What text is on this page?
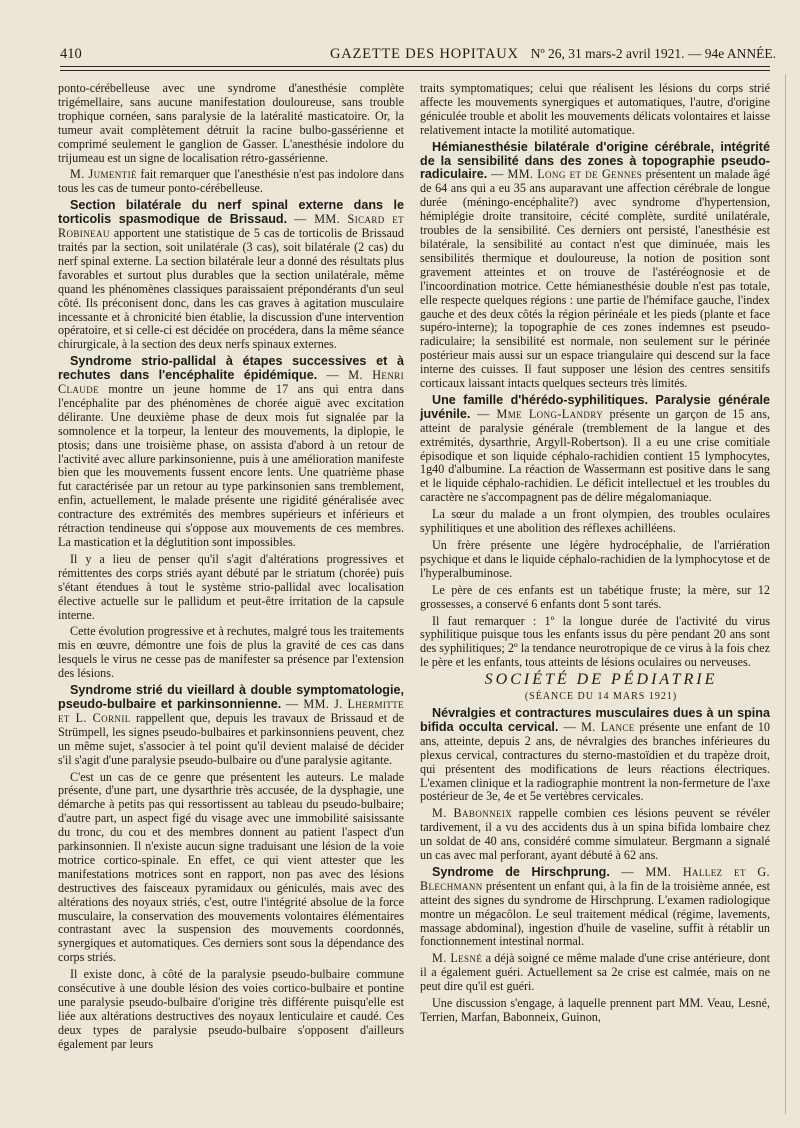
410	GAZETTE DES HOPITAUX Nº 26, 31 mars-2 avril 1921. — 94e ANNÉE.

ponto-cérébelleuse avec une syndrome d'anesthésie complète trigémellaire, sans aucune manifestation douloureuse, sans trouble trophique cornéen, sans paralysie de la latéralité masticatoire. Or, la tumeur avait complètement détruit la racine bulbo-gassérienne et comprimé seulement le ganglion de Gasser. L'anesthésie indolore du trijumeau est un signe de localisation rétro-gassérienne.

M. Jumentié fait remarquer que l'anesthésie n'est pas indolore dans tous les cas de tumeur ponto-cérébelleuse.

Section bilatérale du nerf spinal externe dans le torticolis spasmodique de Brissaud. — MM. Sicard et Robineau apportent une statistique de 5 cas de torticolis de Brissaud traités par la section, soit unilatérale (3 cas), soit bilatérale (2 cas) du nerf spinal externe. La section bilatérale leur a donné des résultats plus favorables et surtout plus durables que la section unilatérale, même quand les phénomènes classiques paraissaient prépondérants d'un seul côté. Ils préconisent donc, dans les cas graves à agitation musculaire incessante et à chronicité bien établie, la discussion d'une intervention opératoire, et si celle-ci est décidée on procédera, dans la même séance chirurgicale, à la section des deux nerfs spinaux externes.

Syndrome strio-pallidal à étapes successives et à rechutes dans l'encéphalite épidémique. — M. Henri Claude montre un jeune homme de 17 ans qui entra dans l'encéphalite par des phénomènes de chorée aiguë avec excitation délirante. Une deuxième phase de deux mois fut signalée par la somnolence et la torpeur, la lenteur des mouvements, la diplopie, le ptosis; dans une troisième phase, on assista d'abord à un retour de l'activité avec allure parkinsonienne, puis à une amélioration manifeste bien que les mouvements fussent encore lents. Une quatrième phase fut caractérisée par un retour au type parkinsonien sans tremblement, enfin, actuellement, le malade présente une rigidité généralisée avec contracture des extrémités des membres supérieurs et inférieurs et rétraction tendineuse qui s'oppose aux mouvements de ces membres. La mastication et la déglutition sont impossibles.

Il y a lieu de penser qu'il s'agit d'altérations progressives et rémittentes des corps striés ayant débuté par le striatum (chorée) puis s'étant étendues à tout le système strio-pallidal avec localisation élective actuelle sur le pallidum et peut-être irritation de la capsule interne.

Cette évolution progressive et à rechutes, malgré tous les traitements mis en œuvre, démontre une fois de plus la gravité de ces cas dans lesquels le virus ne cesse pas de manifester sa présence par l'extension des lésions.

Syndrome strié du vieillard à double symptomatologie, pseudo-bulbaire et parkinsonnienne. — MM. J. Lhermitte et L. Cornil rappellent que, depuis les travaux de Brissaud et de Strümpell, les signes pseudo-bulbaires et parkinsonniens peuvent, chez un même sujet, s'associer à tel point qu'il devient malaisé de décider s'il s'agit d'une paralysie pseudo-bulbaire ou d'une paralysie agitante.

C'est un cas de ce genre que présentent les auteurs. Le malade présente, d'une part, une dysarthrie très accusée, de la dysphagie, une démarche à petits pas qui ressortissent au tableau du pseudo-bulbaire; d'autre part, un aspect figé du visage avec une immobilité saisissante du tronc, du cou et des membres donnent au patient l'aspect d'un parkinsonnien. Il n'existe aucun signe traduisant une lésion de la voie motrice cortico-spinale. En effet, ce qui vient attester que les manifestations motrices sont en rapport, non pas avec des lésions destructives des faisceaux pyramidaux ou géniculés, mais avec des altérations des noyaux striés, c'est, outre l'intégrité absolue de la force musculaire, la conservation des mouvements volontaires élémentaires contrastant avec la suspension des mouvements coordonnés, synergiques et automatiques. Ces derniers sont sous la dépendance des corps striés.

Il existe donc, à côté de la paralysie pseudo-bulbaire commune consécutive à une double lésion des voies cortico-bulbaire et pontine une paralysie pseudo-bulbaire d'origine très différente puisqu'elle est liée aux altérations destructives des noyaux lenticulaire et caudé. Ces deux types de paralysie pseudo-bulbaire s'opposent d'ailleurs également par leurs

traits symptomatiques; celui que réalisent les lésions du corps strié affecte les mouvements synergiques et automatiques, l'autre, d'origine géniculée trouble et abolit les mouvements délicats volontaires et laisse relativement intacte la motilité automatique.

Hémianesthésie bilatérale d'origine cérébrale, intégrité de la sensibilité dans des zones à topographie pseudo-radiculaire. — MM. Long et de Gennes présentent un malade âgé de 64 ans qui a eu 35 ans auparavant une affection cérébrale de longue durée (méningo-encéphalite?) avec syndrome d'hypertension, hémiplégie droite transitoire, cécité complète, surdité unilatérale, troubles de la sensibilité. Ces derniers ont persisté, l'anesthésie est bilatérale, la sensibilité au contact n'est que diminuée, mais les sensibilités thermique et douloureuse, la notion de position sont gravement atteintes et on trouve de l'astéréognosie et de l'incoordination motrice. Cette hémianesthésie double n'est pas totale, elle respecte quelques régions : une partie de l'hémiface gauche, l'index gauche et des deux côtés la région périnéale et les pieds (plante et face supéro-interne); la topographie de ces zones indemnes est pseudo-radiculaire; la sensibilité est normale, non seulement sur le périnée postérieur mais aussi sur un espace triangulaire qui descend sur la face interne des cuisses. Il faut supposer une lésion des centres sensitifs corticaux laissant intacts quelques secteurs très limités.

Une famille d'hérédo-syphilitiques. Paralysie générale juvénile. — Mme Long-Landry présente un garçon de 15 ans, atteint de paralysie générale (tremblement de la langue et des extrémités, dysarthrie, Argyll-Robertson). Il a eu une crise comitiale épisodique et son liquide céphalo-rachidien contient 15 lymphocytes, 1g40 d'albumine. La réaction de Wassermann est positive dans le sang et le liquide céphalo-rachidien. Le déficit intellectuel et les troubles du caractère ne s'accompagnent pas de délire mégalomaniaque.

La sœur du malade a un front olympien, des troubles oculaires syphilitiques et une abolition des réflexes achilléens.

Un frère présente une légère hydrocéphalie, de l'arriération psychique et dans le liquide céphalo-rachidien de la lymphocytose et de l'hyperalbuminose.

Le père de ces enfants est un tabétique fruste; la mère, sur 12 grossesses, a conservé 6 enfants dont 5 sont tarés.

Il faut remarquer : 1º la longue durée de l'activité du virus syphilitique puisque tous les enfants issus du père pendant 20 ans sont des syphilitiques; 2º la tendance neurotropique de ce virus à la fois chez le père et les enfants, tous atteints de lésions oculaires ou nerveuses.

SOCIÉTÉ DE PÉDIATRIE

(SÉANCE DU 14 MARS 1921)

Névralgies et contractures musculaires dues à un spina bifida occulta cervical. — M. Lance présente une enfant de 10 ans, atteinte, depuis 2 ans, de névralgies des branches inférieures du plexus cervical, contractures du sterno-mastoïdien et du trapèze droit, qui présentent des modifications de leurs réactions électriques. L'examen clinique et la radiographie montrent la non-fermeture de l'axe postérieur de 3e, 4e et 5e vertèbres cervicales.

M. Babonneix rappelle combien ces lésions peuvent se révéler tardivement, il a vu des accidents dus à un spina bifida lombaire chez un soldat de 40 ans, considéré comme simulateur. Bergmann a signalé un cas avec mal perforant, ayant débuté à 62 ans.

Syndrome de Hirschprung. — MM. Hallez et G. Blechmann présentent un enfant qui, à la fin de la troisième année, est atteint des signes du syndrome de Hirschprung. L'examen radiologique montre un mégacôlon. Le seul traitement médical (régime, lavements, massage abdominal), ingestion d'huile de vaseline, suffit à rétablir un fonctionnement intestinal normal.

M. Lesné a déjà soigné ce même malade d'une crise antérieure, dont il a également guéri. Actuellement sa 2e crise est calmée, mais on ne peut dire qu'il est guéri.

Une discussion s'engage, à laquelle prennent part MM. Veau, Lesné, Terrien, Marfan, Babonneix, Guinon,
